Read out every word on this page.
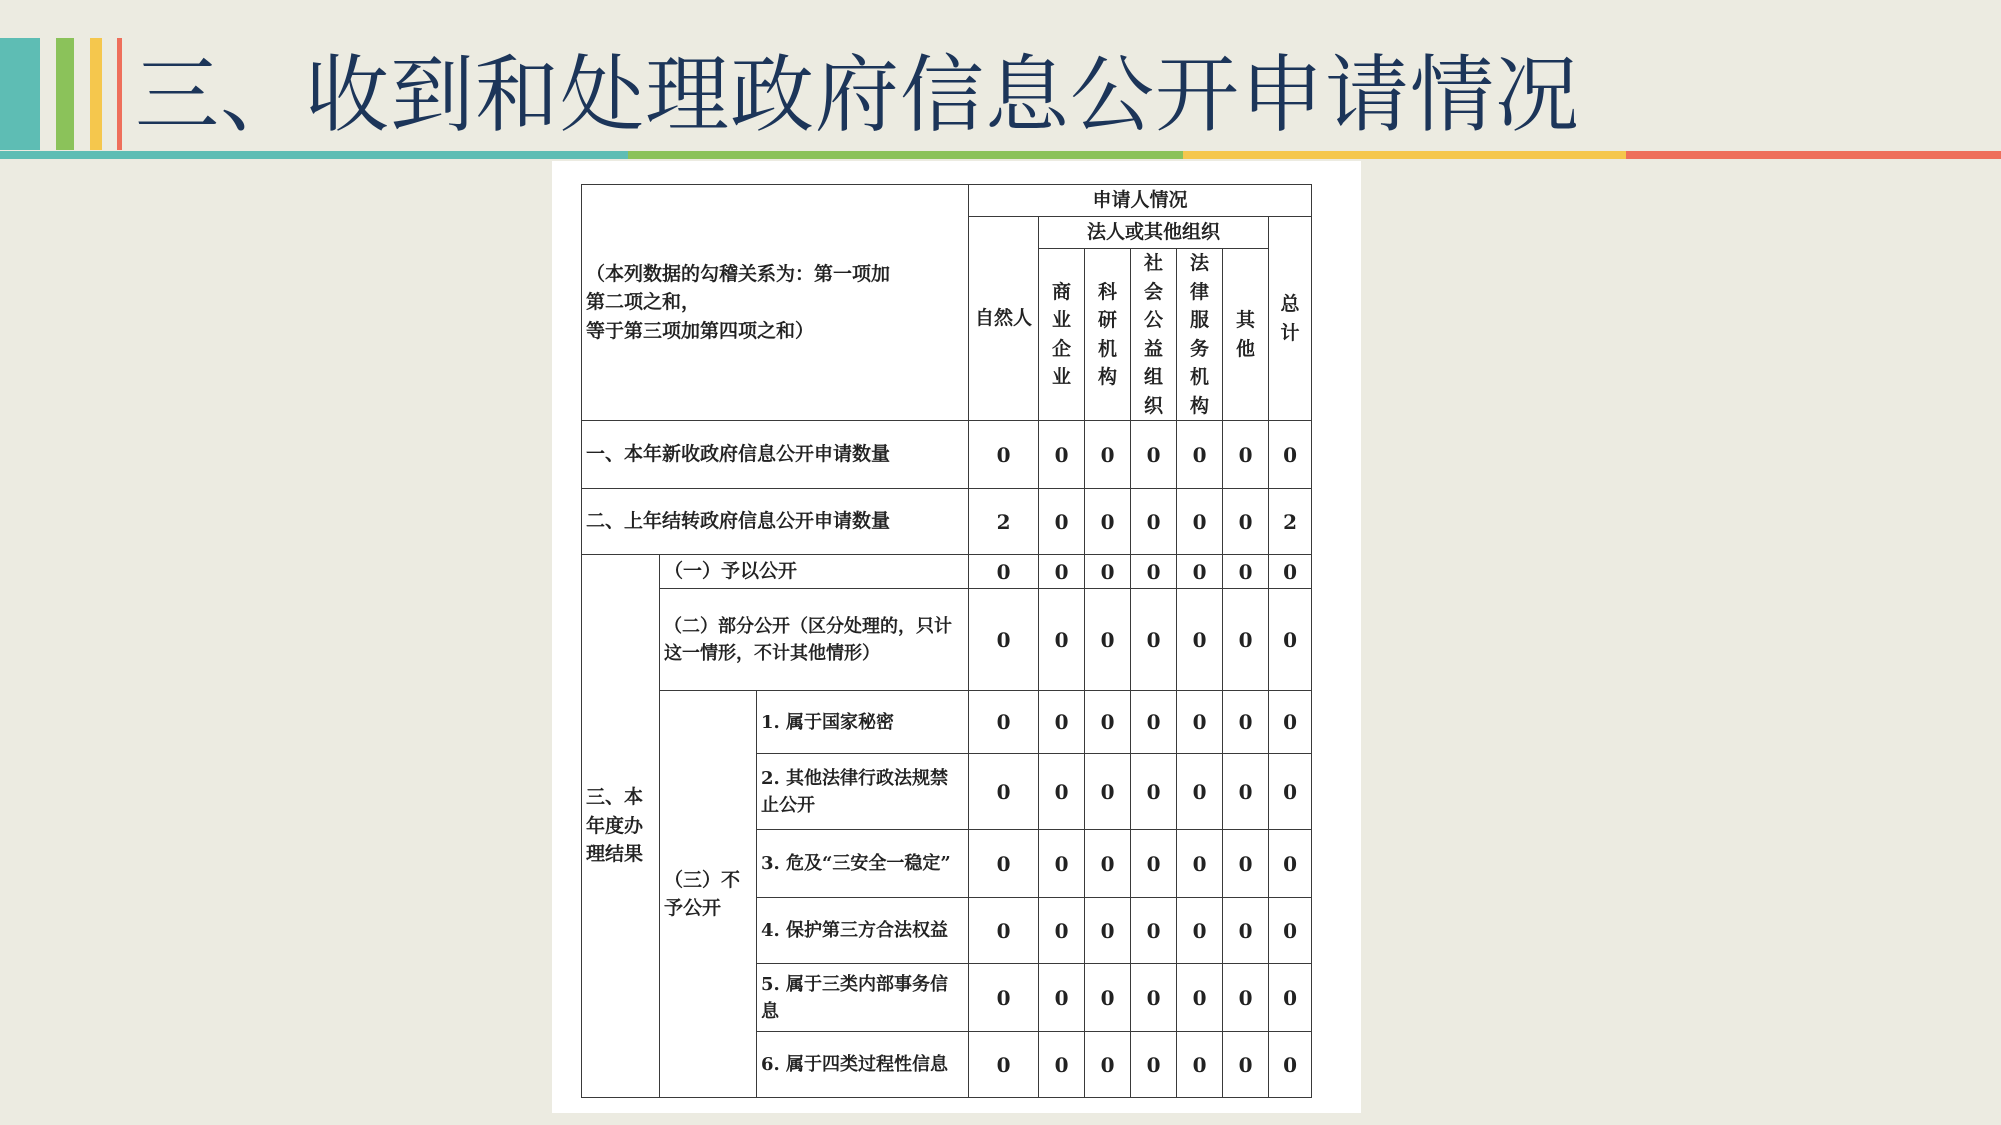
三、收到和处理政府信息公开申请情况
（本列数据的勾稽关系为：第一项加
第二项之和，
等于第三项加第四项之和）			申请人情况						
			自然人	法人或其他组织					总计
				商业企业	科研机构	社会公益组织	法律服务机构	其他	
一、本年新收政府信息公开申请数量			0	0	0	0	0	0	0
二、上年结转政府信息公开申请数量			2	0	0	0	0	0	2
三、本年度办理结果	（一）予以公开		0	0	0	0	0	0	0
	（二）部分公开（区分处理的，只计这一情形，不计其他情形）		0	0	0	0	0	0	0
	（三）不予公开	1. 属于国家秘密	0	0	0	0	0	0	0
		2. 其他法律行政法规禁止公开	0	0	0	0	0	0	0
		3. 危及“三安全一稳定”	0	0	0	0	0	0	0
		4. 保护第三方合法权益	0	0	0	0	0	0	0
		5. 属于三类内部事务信息	0	0	0	0	0	0	0
		6. 属于四类过程性信息	0	0	0	0	0	0	0
